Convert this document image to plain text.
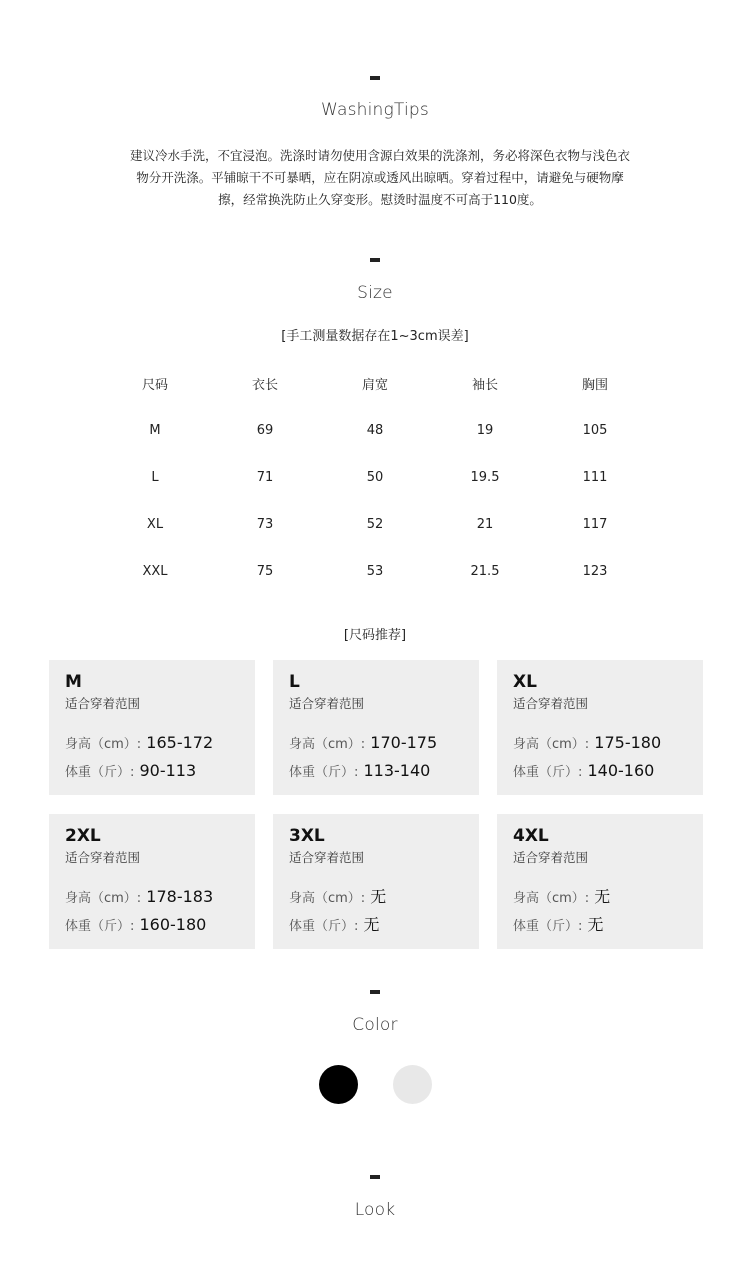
WashingTips
建议冷水手洗，不宜浸泡。洗涤时请勿使用含源白效果的洗涤剂，务必将深色衣物与浅色衣物分开洗涤。平铺晾干不可暴晒，应在阴凉或透风出晾晒。穿着过程中，请避免与硬物摩擦，经常换洗防止久穿变形。慰烫时温度不可高于110度。
Size
[手工测量数据存在1~3cm误差]
尺码	衣长	肩宽	袖长	胸围
M	69	48	19	105
L	71	50	19.5	111
XL	73	52	21	117
XXL	75	53	21.5	123
[尺码推荐]
M
适合穿着范围
身高（cm）: 165-172
体重（斤）: 90-113
L
适合穿着范围
身高（cm）: 170-175
体重（斤）: 113-140
XL
适合穿着范围
身高（cm）: 175-180
体重（斤）: 140-160
2XL
适合穿着范围
身高（cm）: 178-183
体重（斤）: 160-180
3XL
适合穿着范围
身高（cm）: 无
体重（斤）: 无
4XL
适合穿着范围
身高（cm）: 无
体重（斤）: 无
Color
Look
